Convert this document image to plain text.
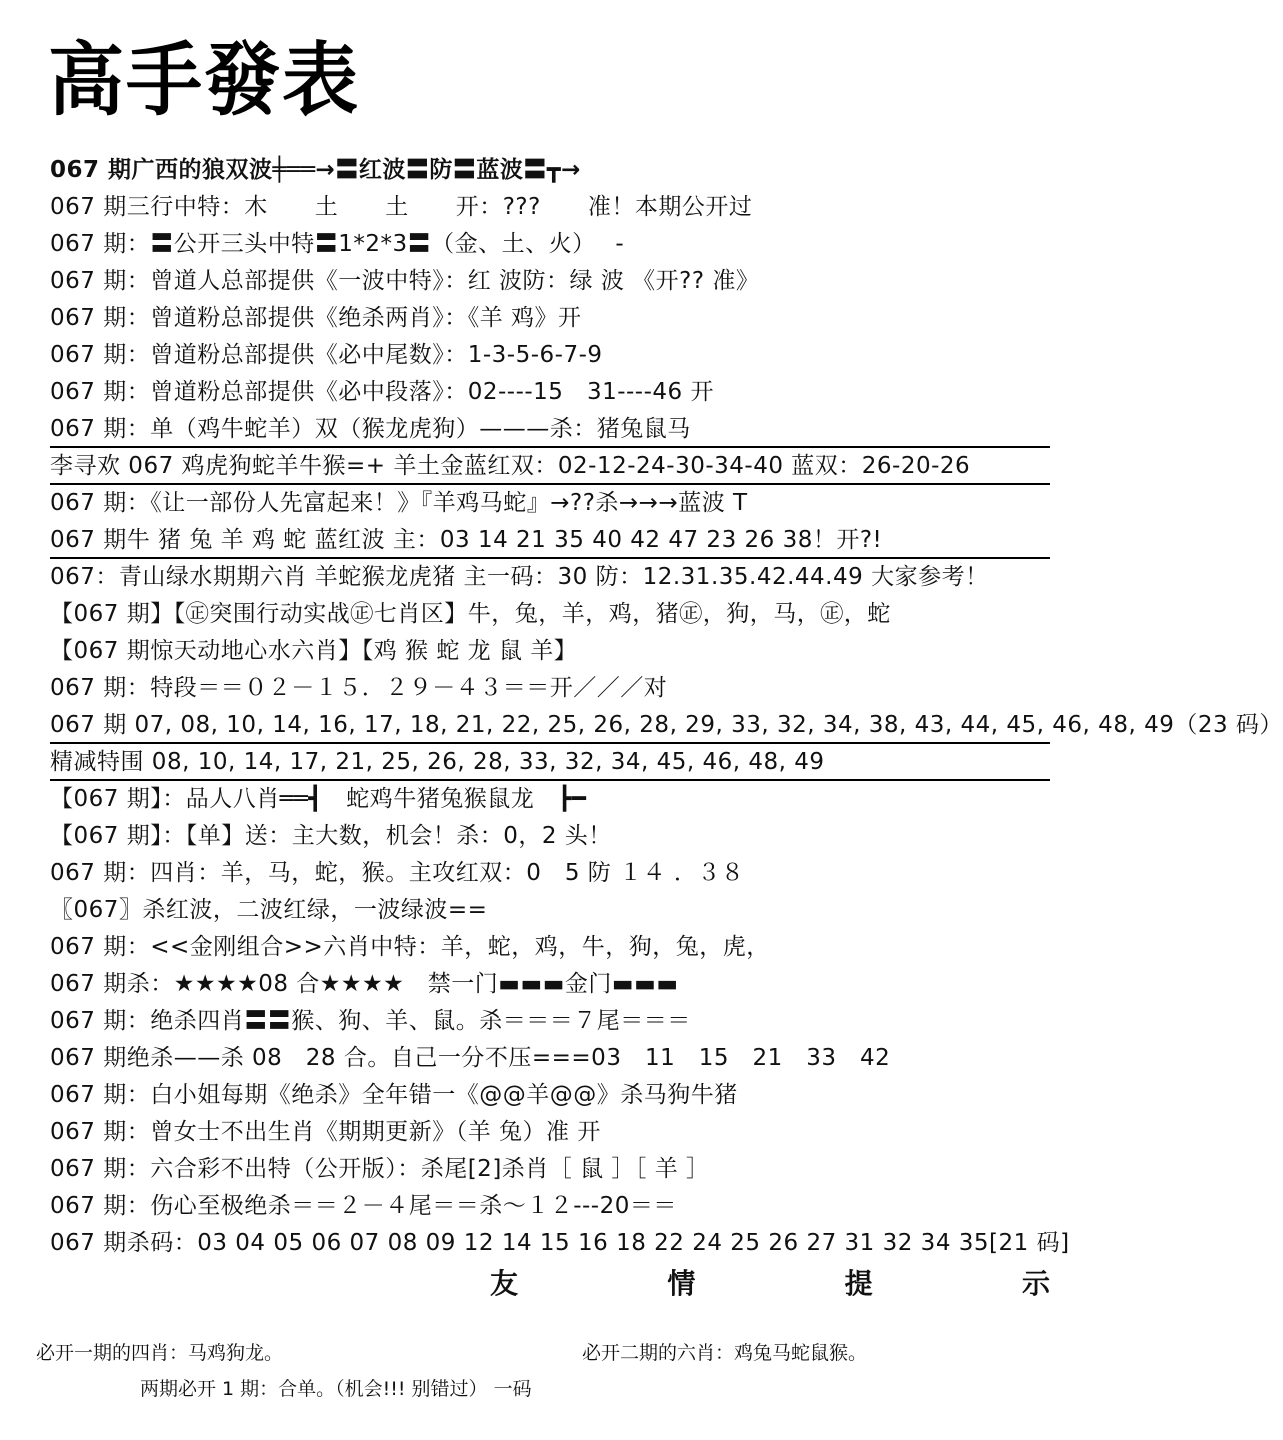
高手發表
067 期广西的狼双波╪══→〓红波〓防〓蓝波〓┳→
067 期三行中特：木　　土　　土　　开：???　　准！本期公开过
067 期：〓公开三头中特〓1*2*3〓（金、土、火）　 -
067 期：曾道人总部提供《一波中特》：红 波防：绿 波 《开?? 准》
067 期：曾道粉总部提供《绝杀两肖》：《羊 鸡》开
067 期：曾道粉总部提供《必中尾数》：1-3-5-6-7-9
067 期：曾道粉总部提供《必中段落》：02----15　31----46 开
067 期：单（鸡牛蛇羊）双（猴龙虎狗）———杀：猪兔鼠马
李寻欢 067 鸡虎狗蛇羊牛猴=+ 羊土金蓝红双：02-12-24-30-34-40 蓝双：26-20-26
067 期：《让一部份人先富起来！》『羊鸡马蛇』→??杀→→→蓝波 T
067 期牛 猪 兔 羊 鸡 蛇 蓝红波 主：03 14 21 35 40 42 47 23 26 38！开?!
067：青山绿水期期六肖 羊蛇猴龙虎猪 主一码：30 防：12.31.35.42.44.49 大家参考！
【067 期】【㊣突围行动实战㊣七肖区】牛，兔，羊，鸡，猪㊣，狗，马，㊣，蛇
【067 期惊天动地心水六肖】【鸡 猴 蛇 龙 鼠 羊】
067 期：特段＝＝０２－１５．２９－４３＝＝开／／／对
067 期 07, 08, 10, 14, 16, 17, 18, 21, 22, 25, 26, 28, 29, 33, 32, 34, 38, 43, 44, 45, 46, 48, 49（23 码）
精减特围 08, 10, 14, 17, 21, 25, 26, 28, 33, 32, 34, 45, 46, 48, 49
【067 期】：品人八肖══┫　蛇鸡牛猪兔猴鼠龙　┣━
【067 期】：【单】送：主大数，机会！杀：0，2 头！
067 期：四肖：羊，马，蛇，猴。主攻红双：0　5 防 １４ ．３８
〖067〗杀红波，二波红绿，一波绿波==
067 期：<<金刚组合>>六肖中特：羊，蛇，鸡，牛，狗，兔，虎，
067 期杀：★★★★08 合★★★★　禁一门▬▬▬金门▬▬▬
067 期：绝杀四肖〓〓猴、狗、羊、鼠。杀＝＝＝７尾＝＝＝
067 期绝杀——杀 08　28 合。自己一分不压===03　11　15　21　33　42
067 期：白小姐每期《绝杀》全年错一《@@羊@@》杀马狗牛猪
067 期：曾女士不出生肖《期期更新》（羊 兔）准 开
067 期：六合彩不出特（公开版）：杀尾[2]杀肖［ 鼠 ］［ 羊 ］
067 期：伤心至极绝杀＝＝２－４尾＝＝杀～１２---20＝＝
067 期杀码：03 04 05 06 07 08 09 12 14 15 16 18 22 24 25 26 27 31 32 34 35[21 码]
友	情	提	示
必开一期的四肖：马鸡狗龙。	必开二期的六肖：鸡兔马蛇鼠猴。
两期必开 1 期：合单。（机会!!! 别错过） 一码
